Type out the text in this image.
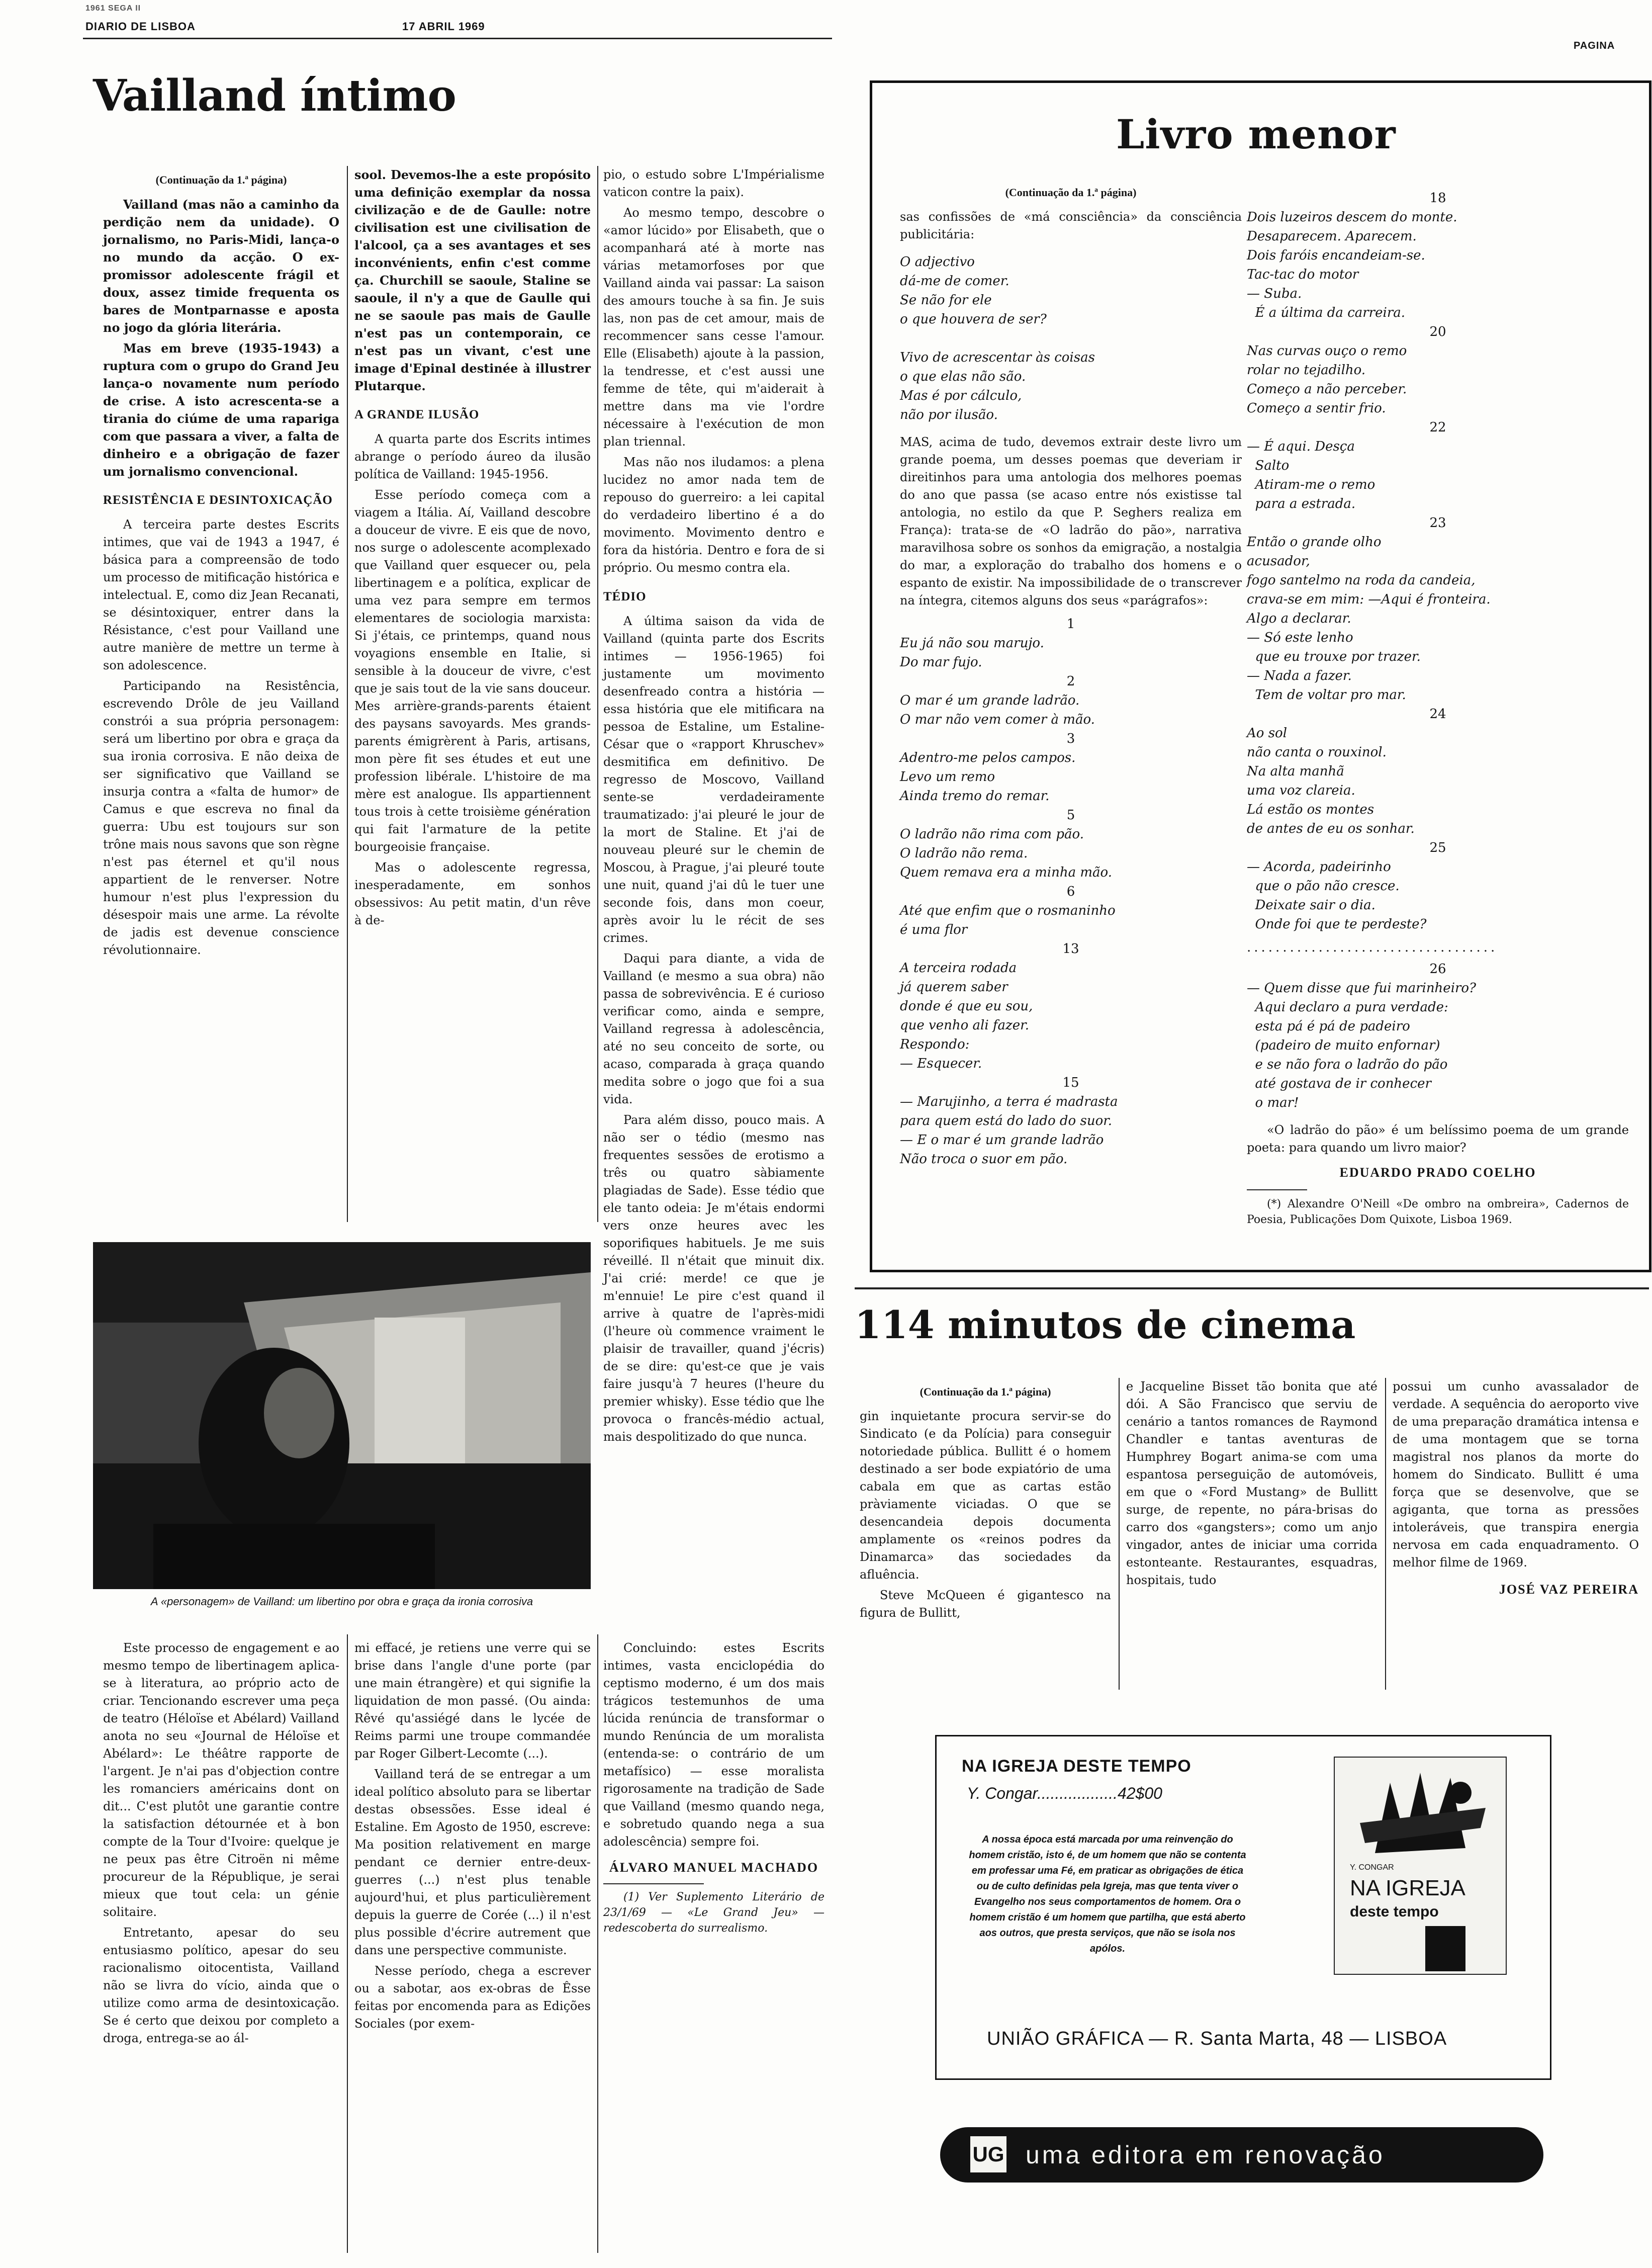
1961 SEGA II
DIARIO DE LISBOA	17 ABRIL 1969
PAGINA
Vailland íntimo
(Continuação da 1.ª página)

Vailland (mas não a caminho da perdição nem da unidade). O jornalismo, no Paris-Midi, lança-o no mundo da acção. O ex-promissor adolescente frágil et doux, assez timide frequenta os bares de Montparnasse e aposta no jogo da glória literária.

Mas em breve (1935-1943) a ruptura com o grupo do Grand Jeu lança-o novamente num período de crise. A isto acrescenta-se a tirania do ciúme de uma rapariga com que passara a viver, a falta de dinheiro e a obrigação de fazer um jornalismo convencional.

RESISTÊNCIA E DESINTOXICAÇÃO

A terceira parte destes Escrits intimes, que vai de 1943 a 1947, é básica para a compreensão de todo um processo de mitificação histórica e intelectual. E, como diz Jean Recanati, se désintoxiquer, entrer dans la Résistance, c'est pour Vailland une autre manière de mettre un terme à son adolescence.

Participando na Resistência, escrevendo Drôle de jeu Vailland constrói a sua própria personagem: será um libertino por obra e graça da sua ironia corrosiva. E não deixa de ser significativo que Vailland se insurja contra a «falta de humor» de Camus e que escreva no final da guerra: Ubu est toujours sur son trône mais nous savons que son règne n'est pas éternel et qu'il nous appartient de le renverser. Notre humour n'est plus l'expression du désespoir mais une arme. La révolte de jadis est devenue conscience révolutionnaire.

sool. Devemos-lhe a este propósito uma definição exemplar da nossa civilização e de de Gaulle: notre civilisation est une civilisation de l'alcool, ça a ses avantages et ses inconvénients, enfin c'est comme ça. Churchill se saoule, Staline se saoule, il n'y a que de Gaulle qui ne se saoule pas mais de Gaulle n'est pas un contemporain, ce n'est pas un vivant, c'est une image d'Epinal destinée à illustrer Plutarque.

A GRANDE ILUSÃO

A quarta parte dos Escrits intimes abrange o período áureo da ilusão política de Vailland: 1945-1956.

Esse período começa com a viagem a Itália. Aí, Vailland descobre a douceur de vivre. E eis que de novo, nos surge o adolescente acomplexado que Vailland quer esquecer ou, pela libertinagem e a política, explicar de uma vez para sempre em termos elementares de sociologia marxista: Si j'étais, ce printemps, quand nous voyagions ensemble en Italie, si sensible à la douceur de vivre, c'est que je sais tout de la vie sans douceur. Mes arrière-grands-parents étaient des paysans savoyards. Mes grands-parents émigrèrent à Paris, artisans, mon père fit ses études et eut une profession libérale. L'histoire de ma mère est analogue. Ils appartiennent tous trois à cette troisième génération qui fait l'armature de la petite bourgeoisie française.

Mas o adolescente regressa, inesperadamente, em sonhos obsessivos: Au petit matin, d'un rêve à de-

pio, o estudo sobre L'Impérialisme vaticon contre la paix).

Ao mesmo tempo, descobre o «amor lúcido» por Elisabeth, que o acompanhará até à morte nas várias metamorfoses por que Vailland ainda vai passar: La saison des amours touche à sa fin. Je suis las, non pas de cet amour, mais de recommencer sans cesse l'amour. Elle (Elisabeth) ajoute à la passion, la tendresse, et c'est aussi une femme de tête, qui m'aiderait à mettre dans ma vie l'ordre nécessaire à l'exécution de mon plan triennal.

Mas não nos iludamos: a plena lucidez no amor nada tem de repouso do guerreiro: a lei capital do verdadeiro libertino é a do movimento. Movimento dentro e fora da história. Dentro e fora de si próprio. Ou mesmo contra ela.

TÉDIO

A última saison da vida de Vailland (quinta parte dos Escrits intimes — 1956-1965) foi justamente um movimento desenfreado contra a história — essa história que ele mitificara na pessoa de Estaline, um Estaline-César que o «rapport Khruschev» desmitifica em definitivo. De regresso de Moscovo, Vailland sente-se verdadeiramente traumatizado: j'ai pleuré le jour de la mort de Staline. Et j'ai de nouveau pleuré sur le chemin de Moscou, à Prague, j'ai pleuré toute une nuit, quand j'ai dû le tuer une seconde fois, dans mon coeur, après avoir lu le récit de ses crimes.

Daqui para diante, a vida de Vailland (e mesmo a sua obra) não passa de sobrevivência. E é curioso verificar como, ainda e sempre, Vailland regressa à adolescência, até no seu conceito de sorte, ou acaso, comparada à graça quando medita sobre o jogo que foi a sua vida.

Para além disso, pouco mais. A não ser o tédio (mesmo nas frequentes sessões de erotismo a três ou quatro sàbiamente plagiadas de Sade). Esse tédio que ele tanto odeia: Je m'étais endormi vers onze heures avec les soporifiques habituels. Je me suis réveillé. Il n'était que minuit dix. J'ai crié: merde! ce que je m'ennuie! Le pire c'est quand il arrive à quatre de l'après-midi (l'heure où commence vraiment le plaisir de travailler, quand j'écris) de se dire: qu'est-ce que je vais faire jusqu'à 7 heures (l'heure du premier whisky). Esse tédio que lhe provoca o francês-médio actual, mais despolitizado do que nunca.

A «personagem» de Vailland: um libertino por obra e graça da ironia corrosiva

Este processo de engagement e ao mesmo tempo de libertinagem aplica-se à literatura, ao próprio acto de criar. Tencionando escrever uma peça de teatro (Héloïse et Abélard) Vailland anota no seu «Journal de Héloïse et Abélard»: Le théâtre rapporte de l'argent. Je n'ai pas d'objection contre les romanciers américains dont on dit... C'est plutôt une garantie contre la satisfaction détournée et à bon compte de la Tour d'Ivoire: quelque je ne peux pas être Citroën ni même procureur de la République, je serai mieux que tout cela: un génie solitaire.

Entretanto, apesar do seu entusiasmo político, apesar do seu racionalismo oitocentista, Vailland não se livra do vício, ainda que o utilize como arma de desintoxicação. Se é certo que deixou por completo a droga, entrega-se ao ál-

mi effacé, je retiens une verre qui se brise dans l'angle d'une porte (par une main étrangère) et qui signifie la liquidation de mon passé. (Ou ainda: Rêvé qu'assiégé dans le lycée de Reims parmi une troupe commandée par Roger Gilbert-Lecomte (...).

Vailland terá de se entregar a um ideal político absoluto para se libertar destas obsessões. Esse ideal é Estaline. Em Agosto de 1950, escreve: Ma position relativement en marge pendant ce dernier entre-deux-guerres (...) n'est plus tenable aujourd'hui, et plus particulièrement depuis la guerre de Corée (...) il n'est plus possible d'écrire autrement que dans une perspective communiste.

Nesse período, chega a escrever ou a sabotar, aos ex-obras de Êsse feitas por encomenda para as Edições Sociales (por exem-

Concluindo: estes Escrits intimes, vasta enciclopédia do ceptismo moderno, é um dos mais trágicos testemunhos de uma lúcida renúncia de transformar o mundo Renúncia de um moralista (entenda-se: o contrário de um metafísico) — esse moralista rigorosamente na tradição de Sade que Vailland (mesmo quando nega, e sobretudo quando nega a sua adolescência) sempre foi.

ÁLVARO MANUEL MACHADO

(1) Ver Suplemento Literário de 23/1/69 — «Le Grand Jeu» — redescoberta do surrealismo.

Livro menor
(Continuação da 1.ª página)

sas confissões de «má consciência» da consciência publicitária:

O adjectivo
dá-me de comer.
Se não for ele
o que houvera de ser?

Vivo de acrescentar às coisas
o que elas não são.
Mas é por cálculo,
não por ilusão.

MAS, acima de tudo, devemos extrair deste livro um grande poema, um desses poemas que deveriam ir direitinhos para uma antologia dos melhores poemas do ano que passa (se acaso entre nós existisse tal antologia, no estilo da que P. Seghers realiza em França): trata-se de «O ladrão do pão», narrativa maravilhosa sobre os sonhos da emigração, a nostalgia do mar, a exploração do trabalho dos homens e o espanto de existir. Na impossibilidade de o transcrever na íntegra, citemos alguns dos seus «parágrafos»:

1
Eu já não sou marujo.
Do mar fujo.
2
O mar é um grande ladrão.
O mar não vem comer à mão.
3
Adentro-me pelos campos.
Levo um remo
Ainda tremo do remar.
5
O ladrão não rima com pão.
O ladrão não rema.
Quem remava era a minha mão.
6
Até que enfim que o rosmaninho
é uma flor
13
A terceira rodada
já querem saber
donde é que eu sou,
que venho ali fazer.
Respondo:
— Esquecer.
15
— Marujinho, a terra é madrasta
para quem está do lado do suor.
— E o mar é um grande ladrão
Não troca o suor em pão.
18
Dois luzeiros descem do monte.
Desaparecem. Aparecem.
Dois faróis encandeiam-se.
Tac-tac do motor
— Suba.
É a última da carreira.
20
Nas curvas ouço o remo
rolar no tejadilho.
Começo a não perceber.
Começo a sentir frio.
22
— É aqui. Desça
Salto
Atiram-me o remo
para a estrada.
23
Então o grande olho
acusador,
fogo santelmo na roda da candeia,
crava-se em mim: —Aqui é fronteira.
Algo a declarar.
— Só este lenho
que eu trouxe por trazer.
— Nada a fazer.
Tem de voltar pro mar.
24
Ao sol
não canta o rouxinol.
Na alta manhã
uma voz clareia.
Lá estão os montes
de antes de eu os sonhar.
25
— Acorda, padeirinho
que o pão não cresce.
Deixate sair o dia.
Onde foi que te perdeste?
...................................
26
— Quem disse que fui marinheiro?
Aqui declaro a pura verdade:
esta pá é pá de padeiro
(padeiro de muito enfornar)
e se não fora o ladrão do pão
até gostava de ir conhecer
o mar!

«O ladrão do pão» é um belíssimo poema de um grande poeta: para quando um livro maior?

EDUARDO PRADO COELHO

(*) Alexandre O'Neill «De ombro na ombreira», Cadernos de Poesia, Publicações Dom Quixote, Lisboa 1969.

114 minutos de cinema
(Continuação da 1.ª página)

gin inquietante procura servir-se do Sindicato (e da Polícia) para conseguir notoriedade pública. Bullitt é o homem destinado a ser bode expiatório de uma cabala em que as cartas estão pràviamente viciadas. O que se desencandeia depois documenta amplamente os «reinos podres da Dinamarca» das sociedades da afluência.

Steve McQueen é gigantesco na figura de Bullitt,

e Jacqueline Bisset tão bonita que até dói. A São Francisco que serviu de cenário a tantos romances de Raymond Chandler e tantas aventuras de Humphrey Bogart anima-se com uma espantosa perseguição de automóveis, em que o «Ford Mustang» de Bullitt surge, de repente, no pára-brisas do carro dos «gangsters»; como um anjo vingador, antes de iniciar uma corrida estonteante. Restaurantes, esquadras, hospitais, tudo

possui um cunho avassalador de verdade. A sequência do aeroporto vive de uma preparação dramática intensa e de uma montagem que se torna magistral nos planos da morte do homem do Sindicato. Bullitt é uma força que se desenvolve, que se agiganta, que torna as pressões intoleráveis, que transpira energia nervosa em cada enquadramento. O melhor filme de 1969.

JOSÉ VAZ PEREIRA
NA IGREJA DESTE TEMPO
Y. Congar..................42$00
A nossa época está marcada por uma reinvenção do homem cristão, isto é, de um homem que não se contenta em professar uma Fé, em praticar as obrigações de ética ou de culto definidas pela Igreja, mas que tenta viver o Evangelho nos seus comportamentos de homem. Ora o homem cristão é um homem que partilha, que está aberto aos outros, que presta serviços, que não se isola nos apólos.
Y. CONGAR
NA IGREJA
deste tempo
UNIÃO GRÁFICA — R. Santa Marta, 48 — LISBOA
UG uma editora em renovação
